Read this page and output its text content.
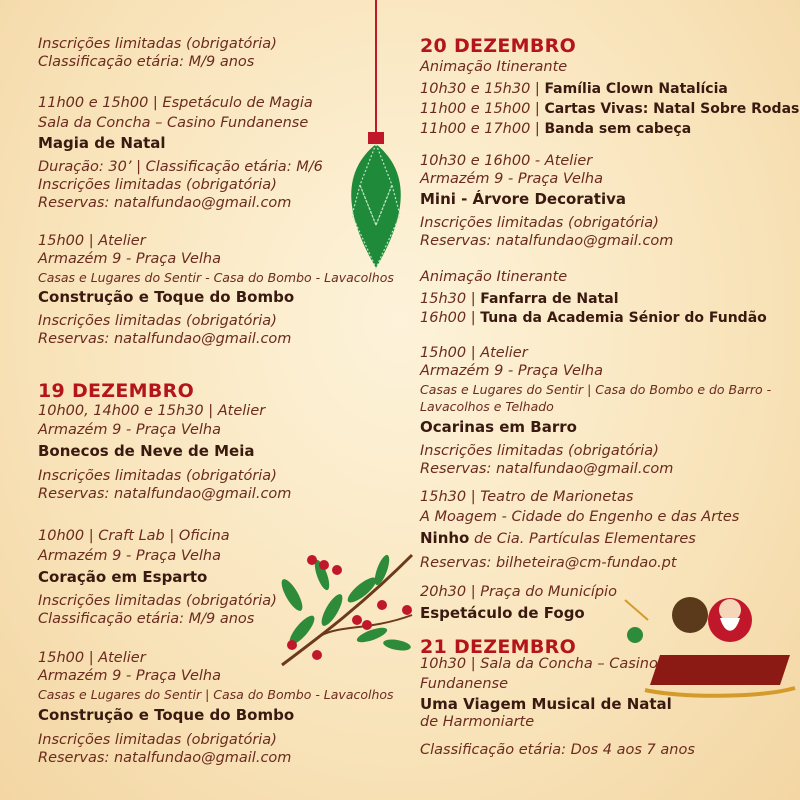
Inscrições limitadas (obrigatória)
Classificação etária: M/9 anos
11h00 e 15h00 | Espetáculo de Magia
Sala da Concha – Casino Fundanense
Magia de Natal
Duração: 30’ | Classificação etária: M/6
Inscrições limitadas (obrigatória)
Reservas: natalfundao@gmail.com
15h00 | Atelier
Armazém 9 - Praça Velha
Casas e Lugares do Sentir - Casa do Bombo - Lavacolhos
Construção e Toque do Bombo
Inscrições limitadas (obrigatória)
Reservas: natalfundao@gmail.com
19 DEZEMBRO
10h00, 14h00 e 15h30 | Atelier
Armazém 9 - Praça Velha
Bonecos de Neve de Meia
Inscrições limitadas (obrigatória)
Reservas: natalfundao@gmail.com
10h00 | Craft Lab | Oficina
Armazém 9 - Praça Velha
Coração em Esparto
Inscrições limitadas (obrigatória)
Classificação etária: M/9 anos
15h00 | Atelier
Armazém 9 - Praça Velha
Casas e Lugares do Sentir | Casa do Bombo - Lavacolhos
Construção e Toque do Bombo
Inscrições limitadas (obrigatória)
Reservas: natalfundao@gmail.com
20 DEZEMBRO
Animação Itinerante
10h30 e 15h30 | Família Clown Natalícia
11h00 e 15h00 | Cartas Vivas: Natal Sobre Rodas
11h00 e 17h00 | Banda sem cabeça
10h30 e 16h00 - Atelier
Armazém 9 - Praça Velha
Mini - Árvore Decorativa
Inscrições limitadas (obrigatória)
Reservas: natalfundao@gmail.com
Animação Itinerante
15h30 | Fanfarra de Natal
16h00 | Tuna da Academia Sénior do Fundão
15h00 | Atelier
Armazém 9 - Praça Velha
Casas e Lugares do Sentir | Casa do Bombo e do Barro -
Lavacolhos e Telhado
Ocarinas em Barro
Inscrições limitadas (obrigatória)
Reservas: natalfundao@gmail.com
15h30 | Teatro de Marionetas
A Moagem - Cidade do Engenho e das Artes
Ninho de Cia. Partículas Elementares
Reservas: bilheteira@cm-fundao.pt
20h30 | Praça do Município
Espetáculo de Fogo
21 DEZEMBRO
10h30 | Sala da Concha – Casino
Fundanense
Uma Viagem Musical de Natal
de Harmoniarte
Classificação etária: Dos 4 aos 7 anos
